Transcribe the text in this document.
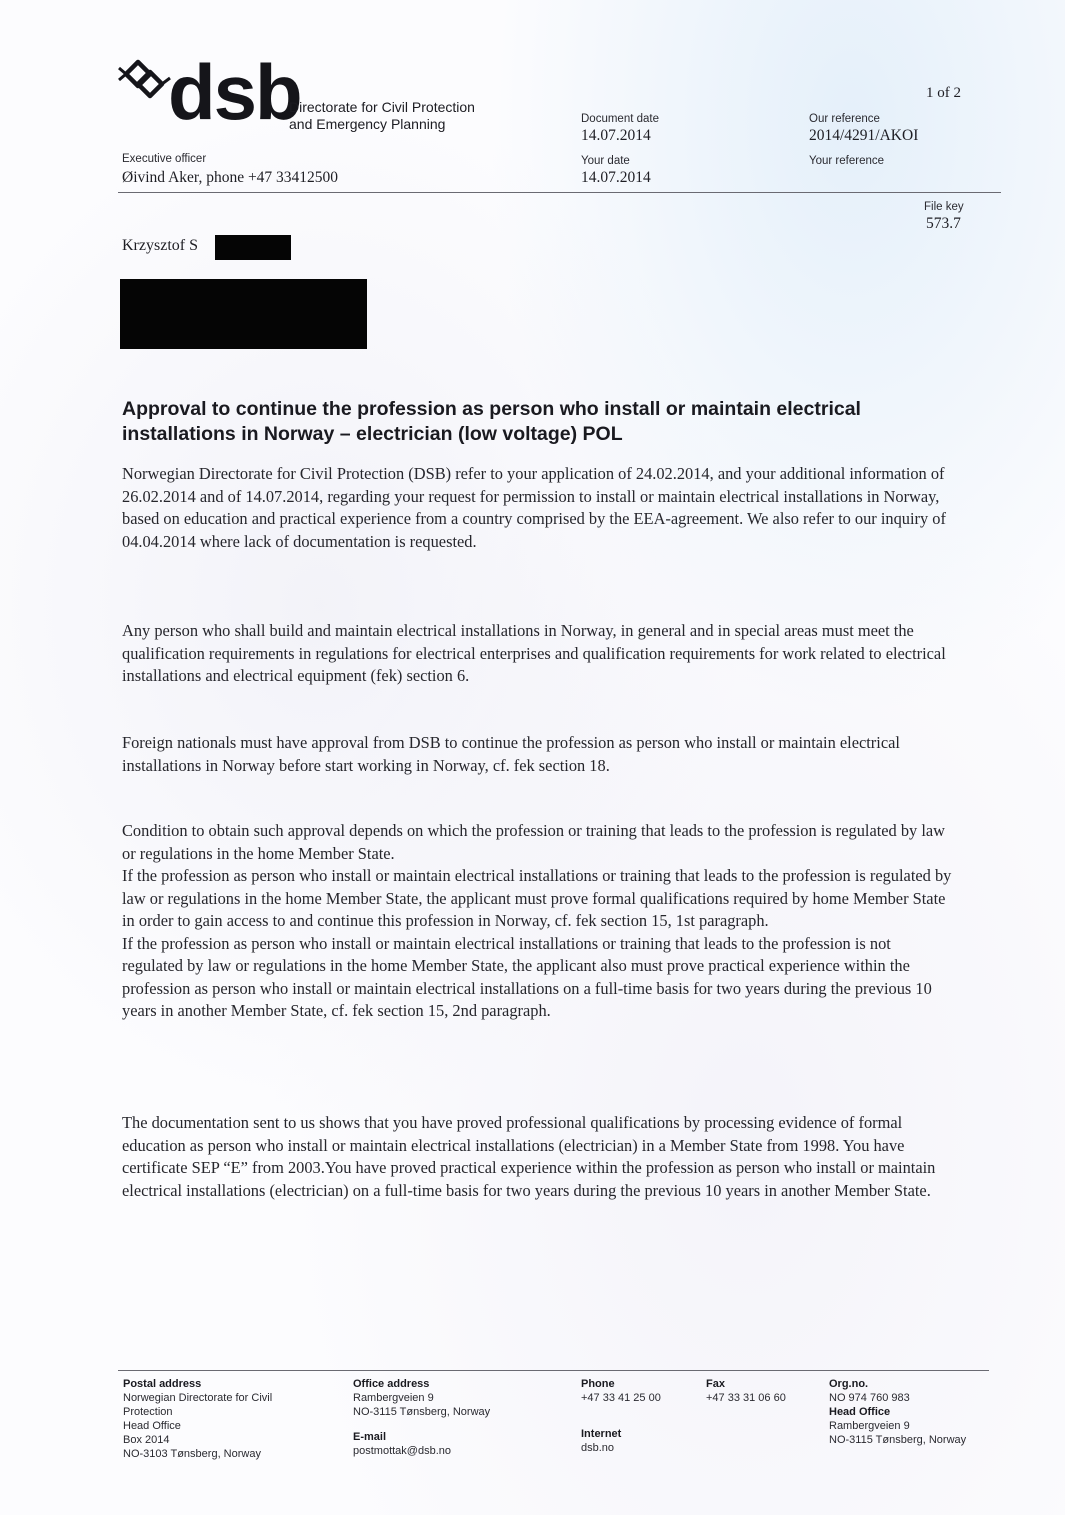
dsb
Directorate for Civil Protection
and Emergency Planning
1 of 2
Document date
14.07.2014
Your date
14.07.2014
Our reference
2014/4291/AKOI
Your reference
Executive officer
Øivind Aker, phone +47 33412500
File key
573.7
Krzysztof S
Approval to continue the profession as person who install or maintain electrical installations in Norway – electrician (low voltage) POL
Norwegian Directorate for Civil Protection (DSB) refer to your application of 24.02.2014, and your additional information of 26.02.2014 and of 14.07.2014, regarding your request for permission to install or maintain electrical installations in Norway, based on education and practical experience from a country comprised by the EEA-agreement. We also refer to our inquiry of 04.04.2014 where lack of documentation is requested.
Any person who shall build and maintain electrical installations in Norway, in general and in special areas must meet the qualification requirements in regulations for electrical enterprises and qualification requirements for work related to electrical installations and electrical equipment (fek) section 6.
Foreign nationals must have approval from DSB to continue the profession as person who install or maintain electrical installations in Norway before start working in Norway, cf. fek section 18.
Condition to obtain such approval depends on which the profession or training that leads to the profession is regulated by law or regulations in the home Member State.
If the profession as person who install or maintain electrical installations or training that leads to the profession is regulated by law or regulations in the home Member State, the applicant must prove formal qualifications required by home Member State in order to gain access to and continue this profession in Norway, cf. fek section 15, 1st paragraph.
If the profession as person who install or maintain electrical installations or training that leads to the profession is not regulated by law or regulations in the home Member State, the applicant also must prove practical experience within the profession as person who install or maintain electrical installations on a full-time basis for two years during the previous 10 years in another Member State, cf. fek section 15, 2nd paragraph.
The documentation sent to us shows that you have proved professional qualifications by processing evidence of formal education as person who install or maintain electrical installations (electrician) in a Member State from 1998. You have certificate SEP “E” from 2003.You have proved practical experience within the profession as person who install or maintain electrical installations (electrician) on a full-time basis for two years during the previous 10 years in another Member State.
Postal address
Norwegian Directorate for Civil
Protection
Head Office
Box 2014
NO-3103 Tønsberg, Norway
Office address
Rambergveien 9
NO-3115 Tønsberg, Norway
E-mail
postmottak@dsb.no
Phone
+47 33 41 25 00
Internet
dsb.no
Fax
+47 33 31 06 60
Org.no.
NO 974 760 983
Head Office
Rambergveien 9
NO-3115 Tønsberg, Norway
